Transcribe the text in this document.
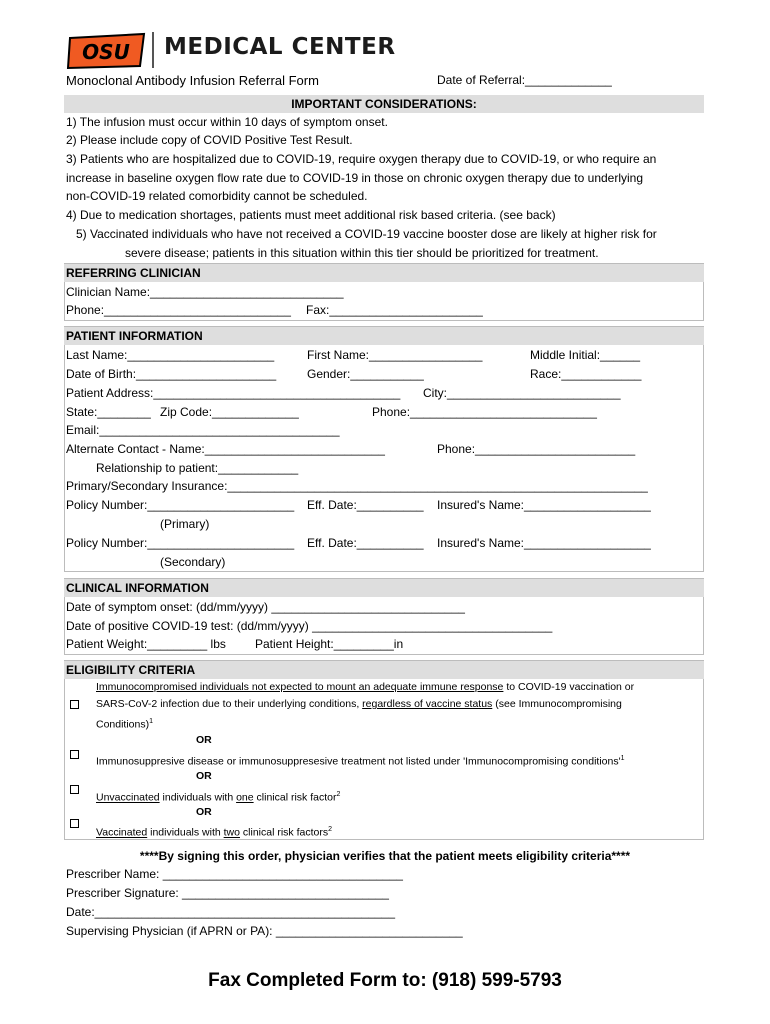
OSU MEDICAL CENTER
Monoclonal Antibody Infusion Referral Form	Date of Referral:_____________
IMPORTANT CONSIDERATIONS:
1) The infusion must occur within 10 days of symptom onset.
2) Please include copy of COVID Positive Test Result.
3) Patients who are hospitalized due to COVID-19, require oxygen therapy due to COVID-19, or who require an
increase in baseline oxygen flow rate due to COVID-19 in those on chronic oxygen therapy due to underlying
non-COVID-19 related comorbidity cannot be scheduled.
4) Due to medication shortages, patients must meet additional risk based criteria. (see back)
5) Vaccinated individuals who have not received a COVID-19 vaccine booster dose are likely at higher risk for
severe disease; patients in this situation within this tier should be prioritized for treatment.
REFERRING CLINICIAN
Clinician Name:_____________________________
Phone:____________________________ Fax:_______________________
PATIENT INFORMATION
Last Name:______________________	First Name:_________________	Middle Initial:______
Date of Birth:_____________________	Gender:___________	Race:____________
Patient Address:_____________________________________ City:__________________________
State:________ Zip Code:_____________	Phone:____________________________
Email:____________________________________
Alternate Contact - Name:___________________________	Phone:________________________
Relationship to patient:____________
Primary/Secondary Insurance:_______________________________________________________________
Policy Number:______________________ Eff. Date:__________ Insured's Name:___________________
(Primary)
Policy Number:______________________ Eff. Date:__________ Insured's Name:___________________
(Secondary)
CLINICAL INFORMATION
Date of symptom onset: (dd/mm/yyyy) _____________________________
Date of positive COVID-19 test: (dd/mm/yyyy) ____________________________________
Patient Weight:_________ lbs Patient Height:_________in
ELIGIBILITY CRITERIA
Immunocompromised individuals not expected to mount an adequate immune response to COVID-19 vaccination or
SARS-CoV-2 infection due to their underlying conditions, regardless of vaccine status (see Immunocompromising
Conditions)$^1$
OR
Immunosuppresive disease or immunosuppresesive treatment not listed under 'Immunocompromising $conditions'^1$
OR
Unvaccinated individuals with one clinical risk factor$^2$
OR
Vaccinated individuals with two clinical risk factors$^2$
****By signing this order, physician verifies that the patient meets eligibility criteria****
Prescriber Name: ____________________________________
Prescriber Signature: _______________________________
Date:_____________________________________________
Supervising Physician (if APRN or PA): ____________________________
Fax Completed Form to: (918) 599-5793
